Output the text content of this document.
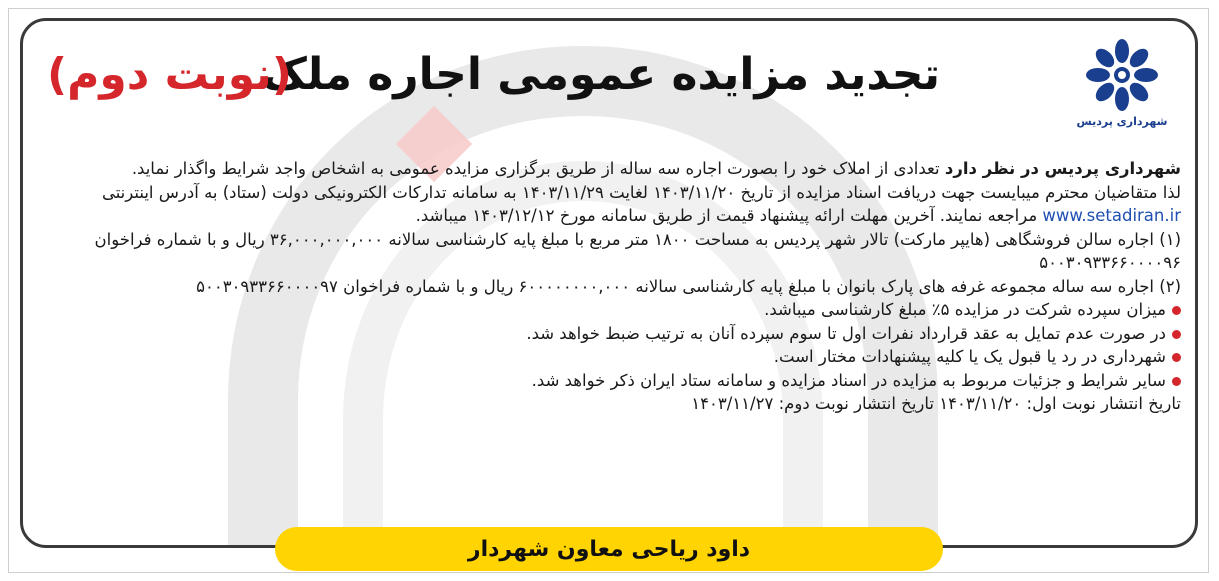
شهرداری پردیس
تجدید مزایده عمومی اجاره ملک
(نوبت دوم)

شهرداری پردیس در نظر دارد تعدادی از املاک خود را بصورت اجاره سه ساله از طریق برگزاری مزایده عمومی به اشخاص واجد شرایط واگذار نماید.

لذا متقاضیان محترم میبایست جهت دریافت اسناد مزایده از تاریخ ۱۴۰۳/۱۱/۲۰ لغایت ۱۴۰۳/۱۱/۲۹ به سامانه تدارکات الکترونیکی دولت (ستاد) به آدرس اینترنتی www.setadiran.ir مراجعه نمایند. آخرین مهلت ارائه پیشنهاد قیمت از طریق سامانه مورخ ۱۴۰۳/۱۲/۱۲ میباشد.

(۱) اجاره سالن فروشگاهی (هایپر مارکت) تالار شهر پردیس به مساحت ۱۸۰۰ متر مربع با مبلغ پایه کارشناسی سالانه ۳۶,۰۰۰,۰۰۰,۰۰۰ ریال و با شماره فراخوان ۵۰۰۳۰۹۳۳۶۶۰۰۰۰۹۶

(۲) اجاره سه ساله مجموعه غرفه های پارک بانوان با مبلغ پایه کارشناسی سالانه ۶۰۰۰۰۰۰۰۰,۰۰۰ ریال و با شماره فراخوان ۵۰۰۳۰۹۳۳۶۶۰۰۰۰۹۷

میزان سپرده شرکت در مزایده ۵٪ مبلغ کارشناسی میباشد.

در صورت عدم تمایل به عقد قرارداد نفرات اول تا سوم سپرده آنان به ترتیب ضبط خواهد شد.

شهرداری در رد یا قبول یک یا کلیه پیشنهادات مختار است.

سایر شرایط و جزئیات مربوط به مزایده در اسناد مزایده و سامانه ستاد ایران ذکر خواهد شد.

تاریخ انتشار نوبت اول: ۱۴۰۳/۱۱/۲۰ تاریخ انتشار نوبت دوم: ۱۴۰۳/۱۱/۲۷

داود ریاحی معاون شهردار
